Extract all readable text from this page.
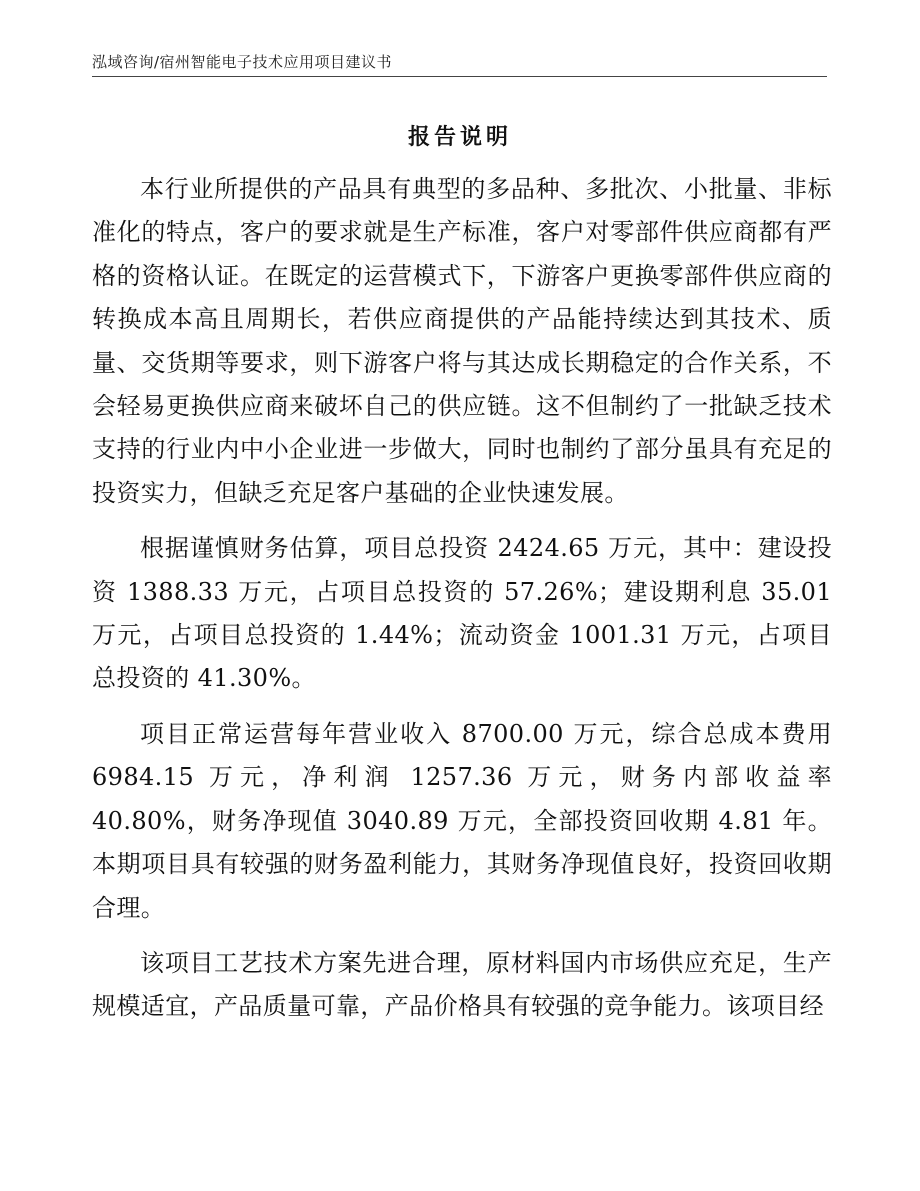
泓域咨询/宿州智能电子技术应用项目建议书
报告说明

本行业所提供的产品具有典型的多品种、多批次、小批量、非标准化的特点，客户的要求就是生产标准，客户对零部件供应商都有严格的资格认证。在既定的运营模式下，下游客户更换零部件供应商的转换成本高且周期长，若供应商提供的产品能持续达到其技术、质量、交货期等要求，则下游客户将与其达成长期稳定的合作关系，不会轻易更换供应商来破坏自己的供应链。这不但制约了一批缺乏技术支持的行业内中小企业进一步做大，同时也制约了部分虽具有充足的投资实力，但缺乏充足客户基础的企业快速发展。

根据谨慎财务估算，项目总投资 2424.65 万元，其中：建设投资 1388.33 万元，占项目总投资的 57.26%；建设期利息 35.01 万元，占项目总投资的 1.44%；流动资金 1001.31 万元，占项目总投资的 41.30%。

项目正常运营每年营业收入 8700.00 万元，综合总成本费用 6984.15 万元，净利润 1257.36 万元，财务内部收益率 40.80%，财务净现值 3040.89 万元，全部投资回收期 4.81 年。本期项目具有较强的财务盈利能力，其财务净现值良好，投资回收期合理。

该项目工艺技术方案先进合理，原材料国内市场供应充足，生产规模适宜，产品质量可靠，产品价格具有较强的竞争能力。该项目经
